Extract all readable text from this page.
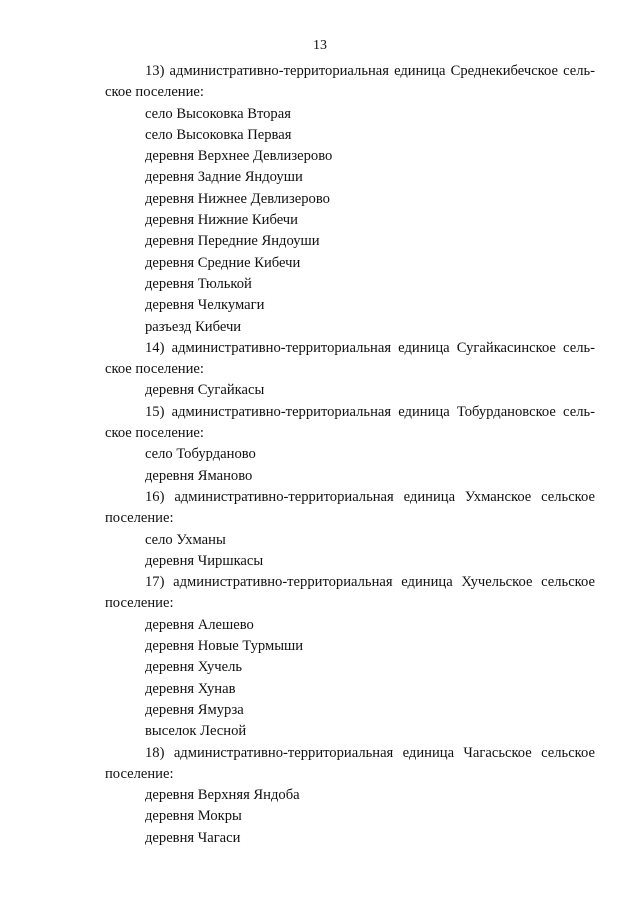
13

13) административно-территориальная единица Среднекибечское сель-ское поселение:

село Высоковка Вторая

село Высоковка Первая

деревня Верхнее Девлизерово

деревня Задние Яндоуши

деревня Нижнее Девлизерово

деревня Нижние Кибечи

деревня Передние Яндоуши

деревня Средние Кибечи

деревня Тюлькой

деревня Челкумаги

разъезд Кибечи

14) административно-территориальная единица Сугайкасинское сель-ское поселение:

деревня Сугайкасы

15) административно-территориальная единица Тобурдановское сель-ское поселение:

село Тобурданово

деревня Яманово

16) административно-территориальная единица Ухманское сельское поселение:

село Ухманы

деревня Чиршкасы

17) административно-территориальная единица Хучельское сельское поселение:

деревня Алешево

деревня Новые Турмыши

деревня Хучель

деревня Хунав

деревня Ямурза

выселок Лесной

18) административно-территориальная единица Чагасьское сельское поселение:

деревня Верхняя Яндоба

деревня Мокры

деревня Чагаси
